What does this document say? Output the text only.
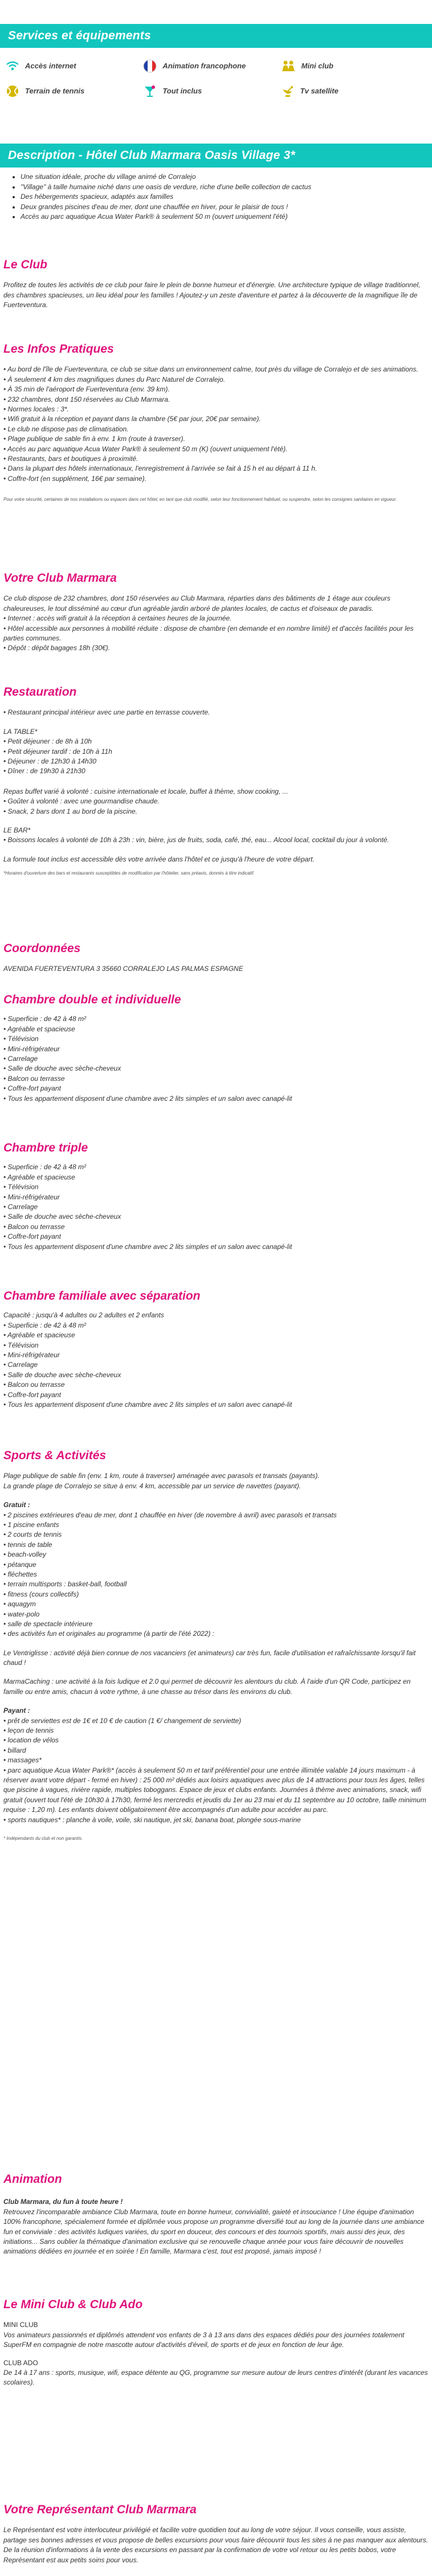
Services et équipements
Accès internet	Animation francophone	Mini club
Terrain de tennis	Tout inclus	Tv satellite
Description - Hôtel Club Marmara Oasis Village 3*
• Une situation idéale, proche du village animé de Corralejo
• "Village" à taille humaine niché dans une oasis de verdure, riche d'une belle collection de cactus
• Des hébergements spacieux, adaptés aux familles
• Deux grandes piscines d'eau de mer, dont une chauffée en hiver, pour le plaisir de tous !
• Accès au parc aquatique Acua Water Park® à seulement 50 m (ouvert uniquement l'été)
Le Club

Profitez de toutes les activités de ce club pour faire le plein de bonne humeur et d'énergie. Une architecture typique de village traditionnel, des chambres spacieuses, un lieu idéal pour les familles ! Ajoutez-y un zeste d'aventure et partez à la découverte de la magnifique île de Fuerteventura.

Les Infos Pratiques
• Au bord de l'île de Fuerteventura, ce club se situe dans un environnement calme, tout près du village de Corralejo et de ses animations.
• À seulement 4 km des magnifiques dunes du Parc Naturel de Corralejo.
• À 35 min de l'aéroport de Fuerteventura (env. 39 km).
• 232 chambres, dont 150 réservées au Club Marmara.
• Normes locales : 3*.
• Wifi gratuit à la réception et payant dans la chambre (5€ par jour, 20€ par semaine).
• Le club ne dispose pas de climatisation.
• Plage publique de sable fin à env. 1 km (route à traverser).
• Accès au parc aquatique Acua Water Park® à seulement 50 m (K) (ouvert uniquement l'été).
• Restaurants, bars et boutiques à proximité.
• Dans la plupart des hôtels internationaux, l'enregistrement à l'arrivée se fait à 15 h et au départ à 11 h.
• Coffre-fort (en supplément, 16€ par semaine).

Pour votre sécurité, certaines de nos installations ou espaces dans cet hôtel, en tant que club modifié, selon leur fonctionnement habituel, ou suspendre, selon les consignes sanitaires en vigueur.

Votre Club Marmara
Ce club dispose de 232 chambres, dont 150 réservées au Club Marmara, réparties dans des bâtiments de 1 étage aux couleurs chaleureuses, le tout disséminé au cœur d'un agréable jardin arboré de plantes locales, de cactus et d'oiseaux de paradis.
• Internet : accès wifi gratuit à la réception à certaines heures de la journée.
• Hôtel accessible aux personnes à mobilité réduite : dispose de chambre (en demande et en nombre limité) et d'accès facilités pour les parties communes.
• Dépôt : dépôt bagages 18h (30€).
Restauration

• Restaurant principal intérieur avec une partie en terrasse couverte.

LA TABLE*

• Petit déjeuner : de 8h à 10h
• Petit déjeuner tardif : de 10h à 11h
• Déjeuner : de 12h30 à 14h30
• Dîner : de 19h30 à 21h30
Repas buffet varié à volonté : cuisine internationale et locale, buffet à thème, show cooking, ...
• Goûter à volonté : avec une gourmandise chaude.
• Snack, 2 bars dont 1 au bord de la piscine.

LE BAR*

• Boissons locales à volonté de 10h à 23h : vin, bière, jus de fruits, soda, café, thé, eau... Alcool local, cocktail du jour à volonté.

La formule tout inclus est accessible dès votre arrivée dans l'hôtel et ce jusqu'à l'heure de votre départ.

*Horaires d'ouverture des bars et restaurants susceptibles de modification par l'hôtelier, sans préavis, donnés à titre indicatif.

Coordonnées

AVENIDA FUERTEVENTURA 3 35660 CORRALEJO LAS PALMAS ESPAGNE

Chambre double et individuelle
• Superficie : de 42 à 48 m²
• Agréable et spacieuse
• Télévision
• Mini-réfrigérateur
• Carrelage
• Salle de douche avec sèche-cheveux
• Balcon ou terrasse
• Coffre-fort payant
• Tous les appartement disposent d'une chambre avec 2 lits simples et un salon avec canapé-lit
Chambre triple
• Superficie : de 42 à 48 m²
• Agréable et spacieuse
• Télévision
• Mini-réfrigérateur
• Carrelage
• Salle de douche avec sèche-cheveux
• Balcon ou terrasse
• Coffre-fort payant
• Tous les appartement disposent d'une chambre avec 2 lits simples et un salon avec canapé-lit
Chambre familiale avec séparation

Capacité : jusqu'à 4 adultes ou 2 adultes et 2 enfants

• Superficie : de 42 à 48 m²
• Agréable et spacieuse
• Télévision
• Mini-réfrigérateur
• Carrelage
• Salle de douche avec sèche-cheveux
• Balcon ou terrasse
• Coffre-fort payant
• Tous les appartement disposent d'une chambre avec 2 lits simples et un salon avec canapé-lit
Sports & Activités
Plage publique de sable fin (env. 1 km, route à traverser) aménagée avec parasols et transats (payants).
La grande plage de Corralejo se situe à env. 4 km, accessible par un service de navettes (payant).

Gratuit :

• 2 piscines extérieures d'eau de mer, dont 1 chauffée en hiver (de novembre à avril) avec parasols et transats
• 1 piscine enfants
• 2 courts de tennis
• tennis de table
• beach-volley
• pétanque
• fléchettes
• terrain multisports : basket-ball, football
• fitness (cours collectifs)
• aquagym
• water-polo
• salle de spectacle intérieure
• des activités fun et originales au programme (à partir de l'été 2022) :

Le Ventriglisse : activité déjà bien connue de nos vacanciers (et animateurs) car très fun, facile d'utilisation et rafraîchissante lorsqu'il fait chaud !

MarmaCaching : une activité à la fois ludique et 2.0 qui permet de découvrir les alentours du club. À l'aide d'un QR Code, participez en famille ou entre amis, chacun à votre rythme, à une chasse au trésor dans les environs du club.

Payant :

• prêt de serviettes est de 1€ et 10 € de caution (1 €/ changement de serviette)
• leçon de tennis
• location de vélos
• billard
• massages*
• parc aquatique Acua Water Park®* (accès à seulement 50 m et tarif préférentiel pour une entrée illimitée valable 14 jours maximum - à réserver avant votre départ - fermé en hiver) : 25 000 m² dédiés aux loisirs aquatiques avec plus de 14 attractions pour tous les âges, telles que piscine à vagues, rivière rapide, multiples toboggans. Espace de jeux et clubs enfants. Journées à thème avec animations, snack, wifi gratuit (ouvert tout l'été de 10h30 à 17h30, fermé les mercredis et jeudis du 1er au 23 mai et du 11 septembre au 10 octobre, taille minimum requise : 1,20 m). Les enfants doivent obligatoirement être accompagnés d'un adulte pour accéder au parc.
• sports nautiques* : planche à voile, voile, ski nautique, jet ski, banana boat, plongée sous-marine

* Indépendants du club et non garantis.

Animation

Club Marmara, du fun à toute heure !

Retrouvez l'incomparable ambiance Club Marmara, toute en bonne humeur, convivialité, gaieté et insouciance ! Une équipe d'animation 100% francophone, spécialement formée et diplômée vous propose un programme diversifié tout au long de la journée dans une ambiance fun et conviviale : des activités ludiques variées, du sport en douceur, des concours et des tournois sportifs, mais aussi des jeux, des initiations... Sans oublier la thématique d'animation exclusive qui se renouvelle chaque année pour vous faire découvrir de nouvelles animations dédiées en journée et en soirée ! En famille, Marmara c'est, tout est proposé, jamais imposé !

Le Mini Club & Club Ado

MINI CLUB

Vos animateurs passionnés et diplômés attendent vos enfants de 3 à 13 ans dans des espaces dédiés pour des journées totalement SuperFM en compagnie de notre mascotte autour d'activités d'éveil, de sports et de jeux en fonction de leur âge.

CLUB ADO

De 14 à 17 ans : sports, musique, wifi, espace détente au QG, programme sur mesure autour de leurs centres d'intérêt (durant les vacances scolaires).

Votre Représentant Club Marmara

Le Représentant est votre interlocuteur privilégié et facilite votre quotidien tout au long de votre séjour. Il vous conseille, vous assiste, partage ses bonnes adresses et vous propose de belles excursions pour vous faire découvrir tous les sites à ne pas manquer aux alentours. De la réunion d'informations à la vente des excursions en passant par la confirmation de votre vol retour ou les petits bobos, votre Représentant est aux petits soins pour vous.
